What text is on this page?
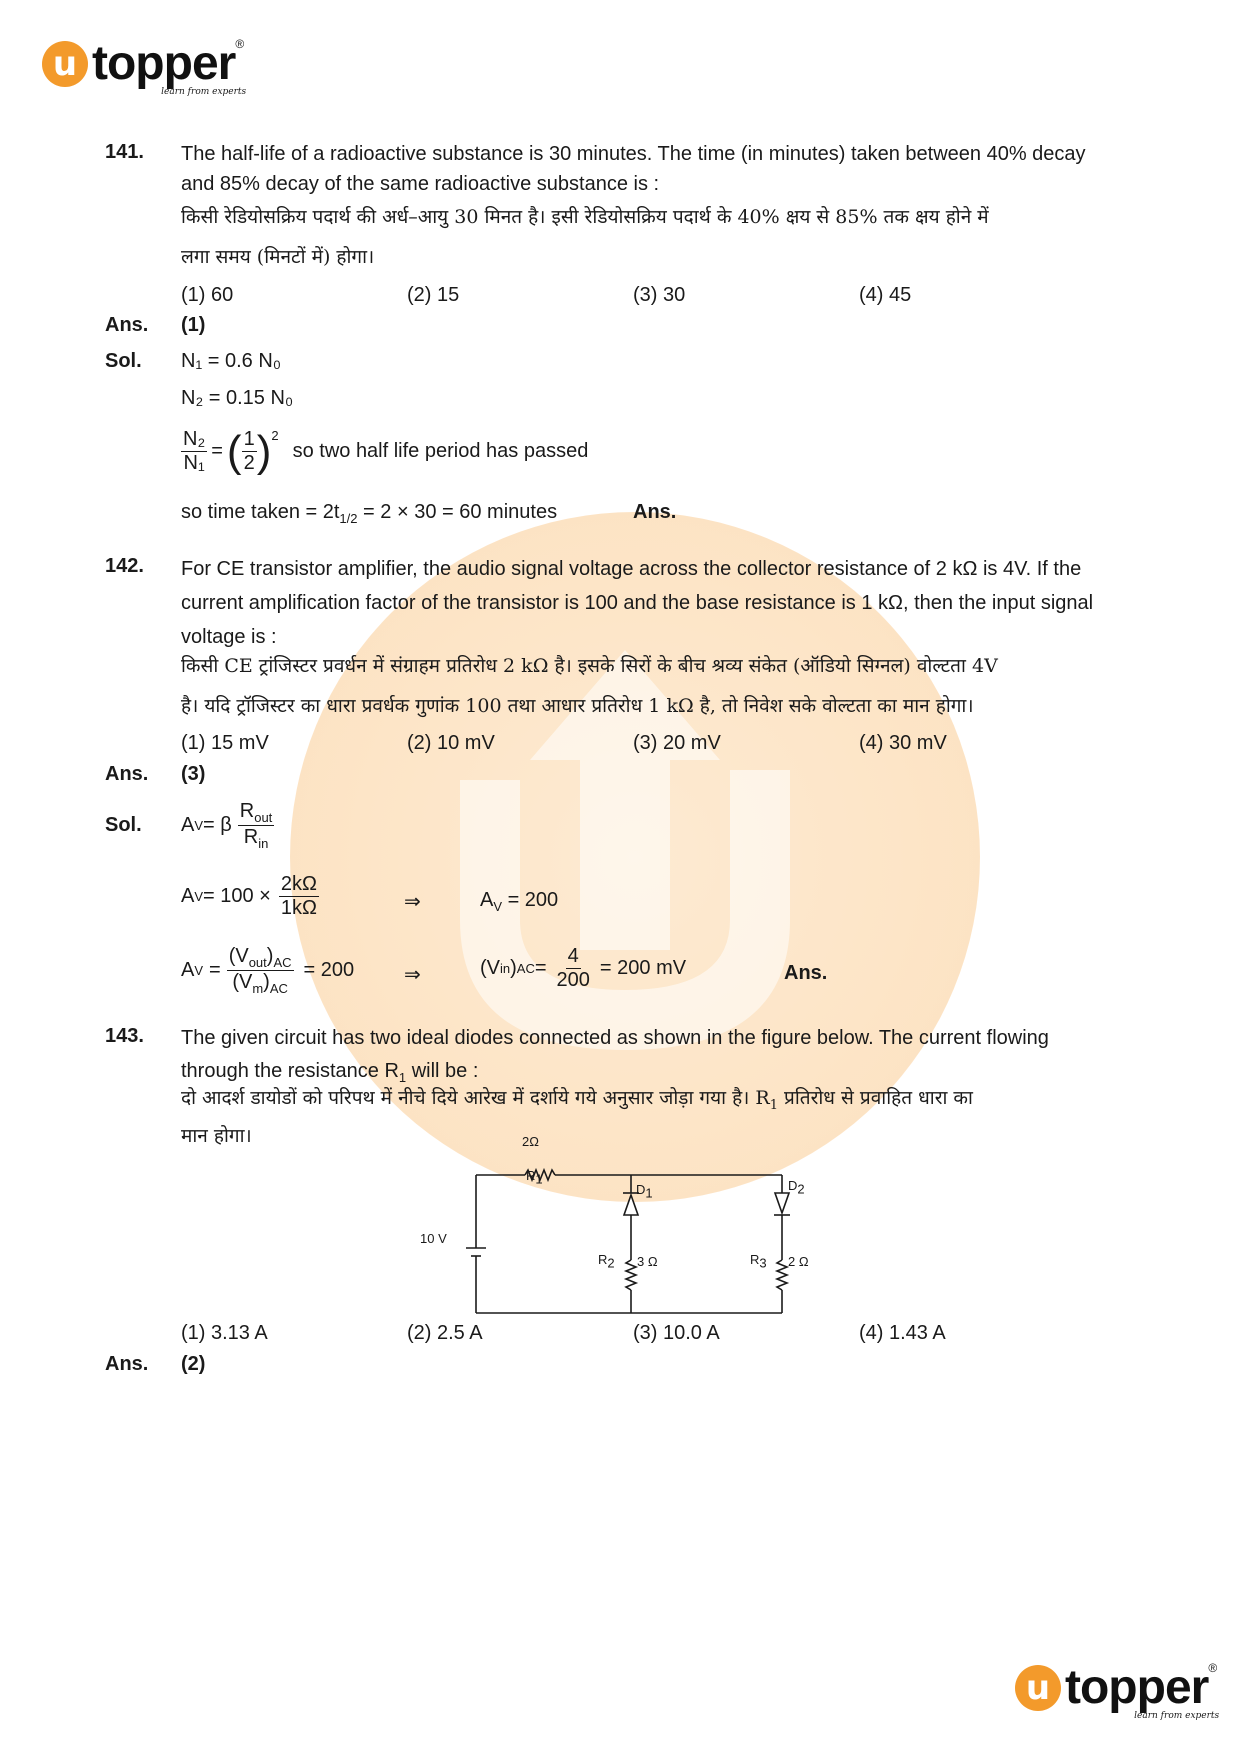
u topper ®
learn from experts
141. The half-life of a radioactive substance is 30 minutes. The time (in minutes) taken between 40% decay
and 85% decay of the same radioactive substance is :
किसी रेडियोसक्रिय पदार्थ की अर्ध–आयु 30 मिनत है। इसी रेडियोसक्रिय पदार्थ के 40% क्षय से 85% तक क्षय होने में
लगा समय (मिनटों में) होगा।
(1) 60	(2) 15	(3) 30	(4) 45
Ans. (1)
Sol. N₁ = 0.6 N₀
N₂ = 0.15 N₀
$\frac{\text{N₂}}{\text{N₁}}$ = ( $\frac{1}{2} )^2$
so two half life period has passed
so time taken = $2t_{1/2} = 2 \times 30 = 60$ minutes	Ans.
142. For CE transistor amplifier, the audio signal voltage across the collector resistance of 2 kΩ is 4V. If the
current amplification factor of the transistor is 100 and the base resistance is 1 kΩ, then the input signal
voltage is :
किसी CE ट्रांजिस्टर प्रवर्धन में संग्राहम प्रतिरोध 2 kΩ है। इसके सिरों के बीच श्रव्य संकेत (ऑडियो सिग्नल) वोल्टता 4V
है। यदि ट्रॉजिस्टर का धारा प्रवर्धक गुणांक 100 तथा आधार प्रतिरोध 1 kΩ है, तो निवेश सके वोल्टता का मान होगा।
(1) 15 mV	(2) 10 mV	(3) 20 mV	(4) 30 mV
Ans. (3)
Sol. A V = β $\frac{R_{out}}{R_{in}}$
A $V = 100 \times \frac{2k\Omega}{1k\Omega}$	⇒	$A_V = 200$
A $V = \frac{(V_{out})_{AC}}{(V_m)_{AC}} = 200$ ⇒	(V in ) AC = $\frac{4}{200} = 200$ mV	Ans.
143. The given circuit has two ideal diodes connected as shown in the figure below. The current flowing
through the resistance $R_1$ will be :
दो आदर्श डायोडों को परिपथ में नीचे दिये आरेख में दर्शाये गये अनुसार जोड़ा गया है। $R_1$ प्रतिरोध से प्रवाहित धारा का
मान होगा।	2Ω
$R_1$
$D_1$
$D_2$
10 V
$R_2$ 3 Ω	$R_3$ 2 Ω
(1) 3.13 A	(2) 2.5 A	(3) 10.0 A	(4) 1.43 A
Ans. (2)
u topper ®
learn from experts
